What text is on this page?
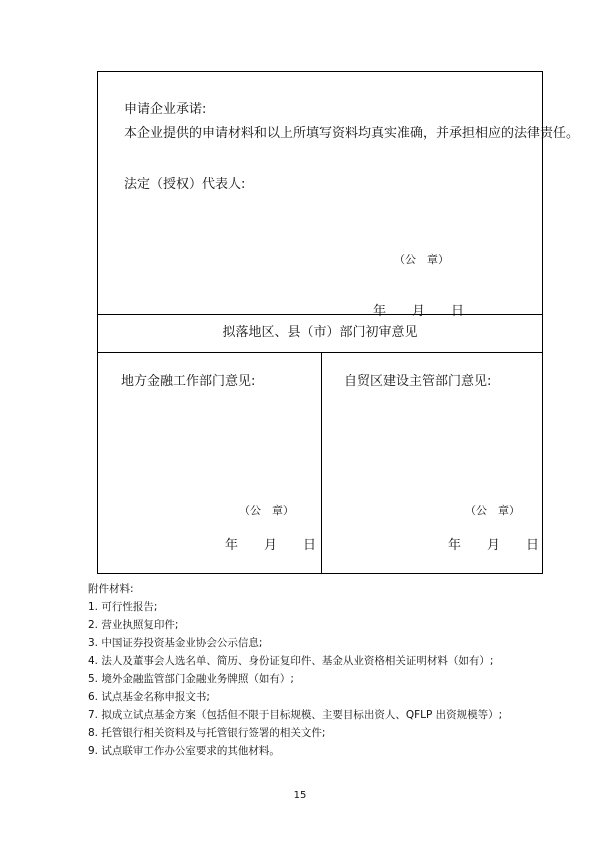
申请企业承诺:
本企业提供的申请材料和以上所填写资料均真实准确，并承担相应的法律责任。
法定（授权）代表人:
（公　章）
年　　月　　日
拟落地区、县（市）部门初审意见
地方金融工作部门意见:
（公　章）
年　　月　　日
自贸区建设主管部门意见:
（公　章）
年　　月　　日
附件材料:
1. 可行性报告;
2. 营业执照复印件;
3. 中国证券投资基金业协会公示信息;
4. 法人及董事会人选名单、简历、身份证复印件、基金从业资格相关证明材料（如有）;
5. 境外金融监管部门金融业务牌照（如有）;
6. 试点基金名称申报文书;
7. 拟成立试点基金方案（包括但不限于目标规模、主要目标出资人、QFLP 出资规模等）;
8. 托管银行相关资料及与托管银行签署的相关文件;
9. 试点联审工作办公室要求的其他材料。
15
